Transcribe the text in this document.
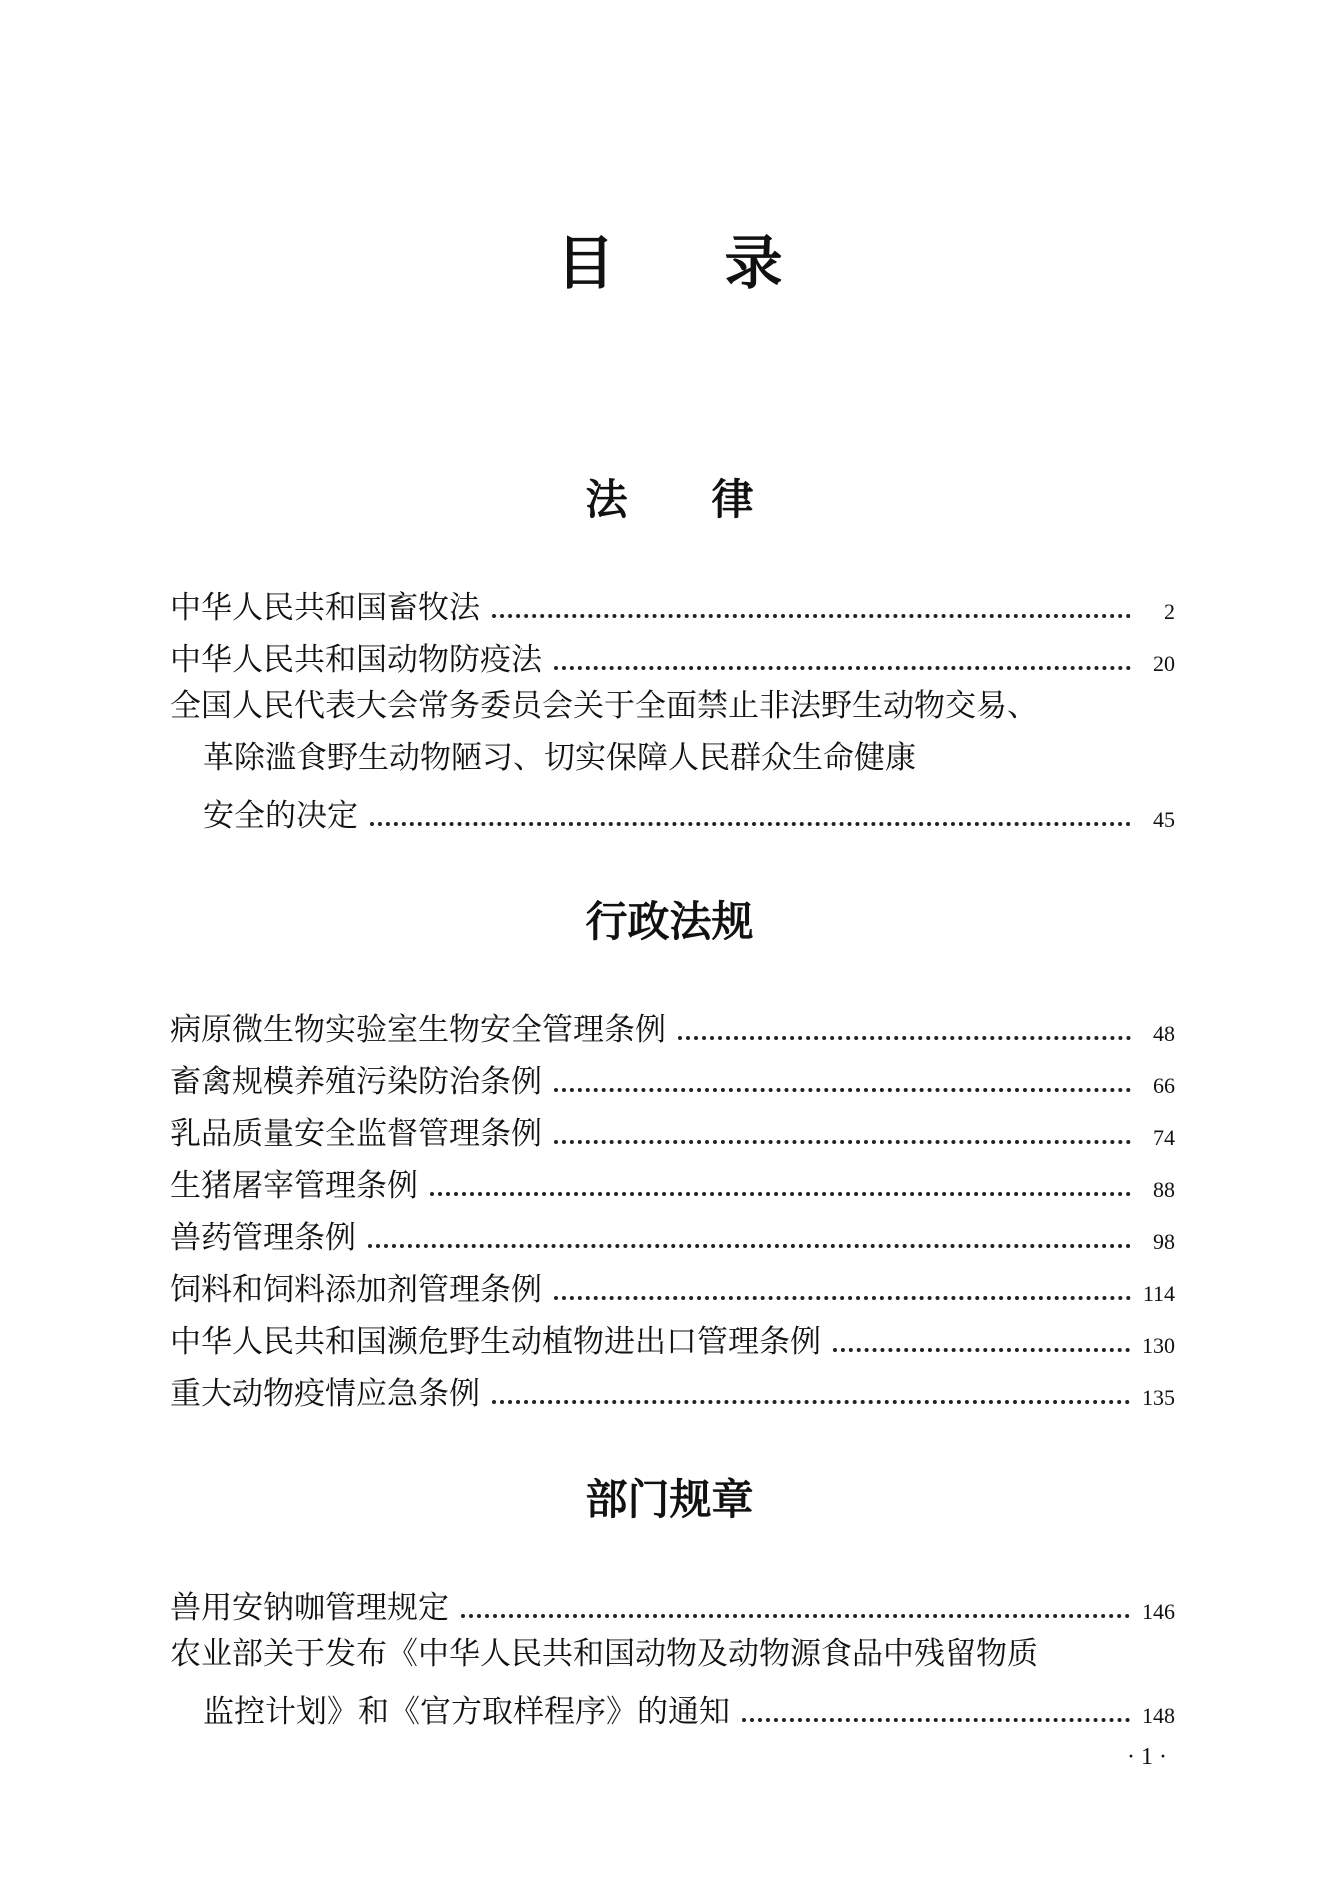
目录
法律
中华人民共和国畜牧法	2
中华人民共和国动物防疫法	20
全国人民代表大会常务委员会关于全面禁止非法野生动物交易、
革除滥食野生动物陋习、切实保障人民群众生命健康
安全的决定	45
行政法规
病原微生物实验室生物安全管理条例	48
畜禽规模养殖污染防治条例	66
乳品质量安全监督管理条例	74
生猪屠宰管理条例	88
兽药管理条例	98
饲料和饲料添加剂管理条例	114
中华人民共和国濒危野生动植物进出口管理条例	130
重大动物疫情应急条例	135
部门规章
兽用安钠咖管理规定	146
农业部关于发布《中华人民共和国动物及动物源食品中残留物质
监控计划》和《官方取样程序》的通知	148
· 1 ·
